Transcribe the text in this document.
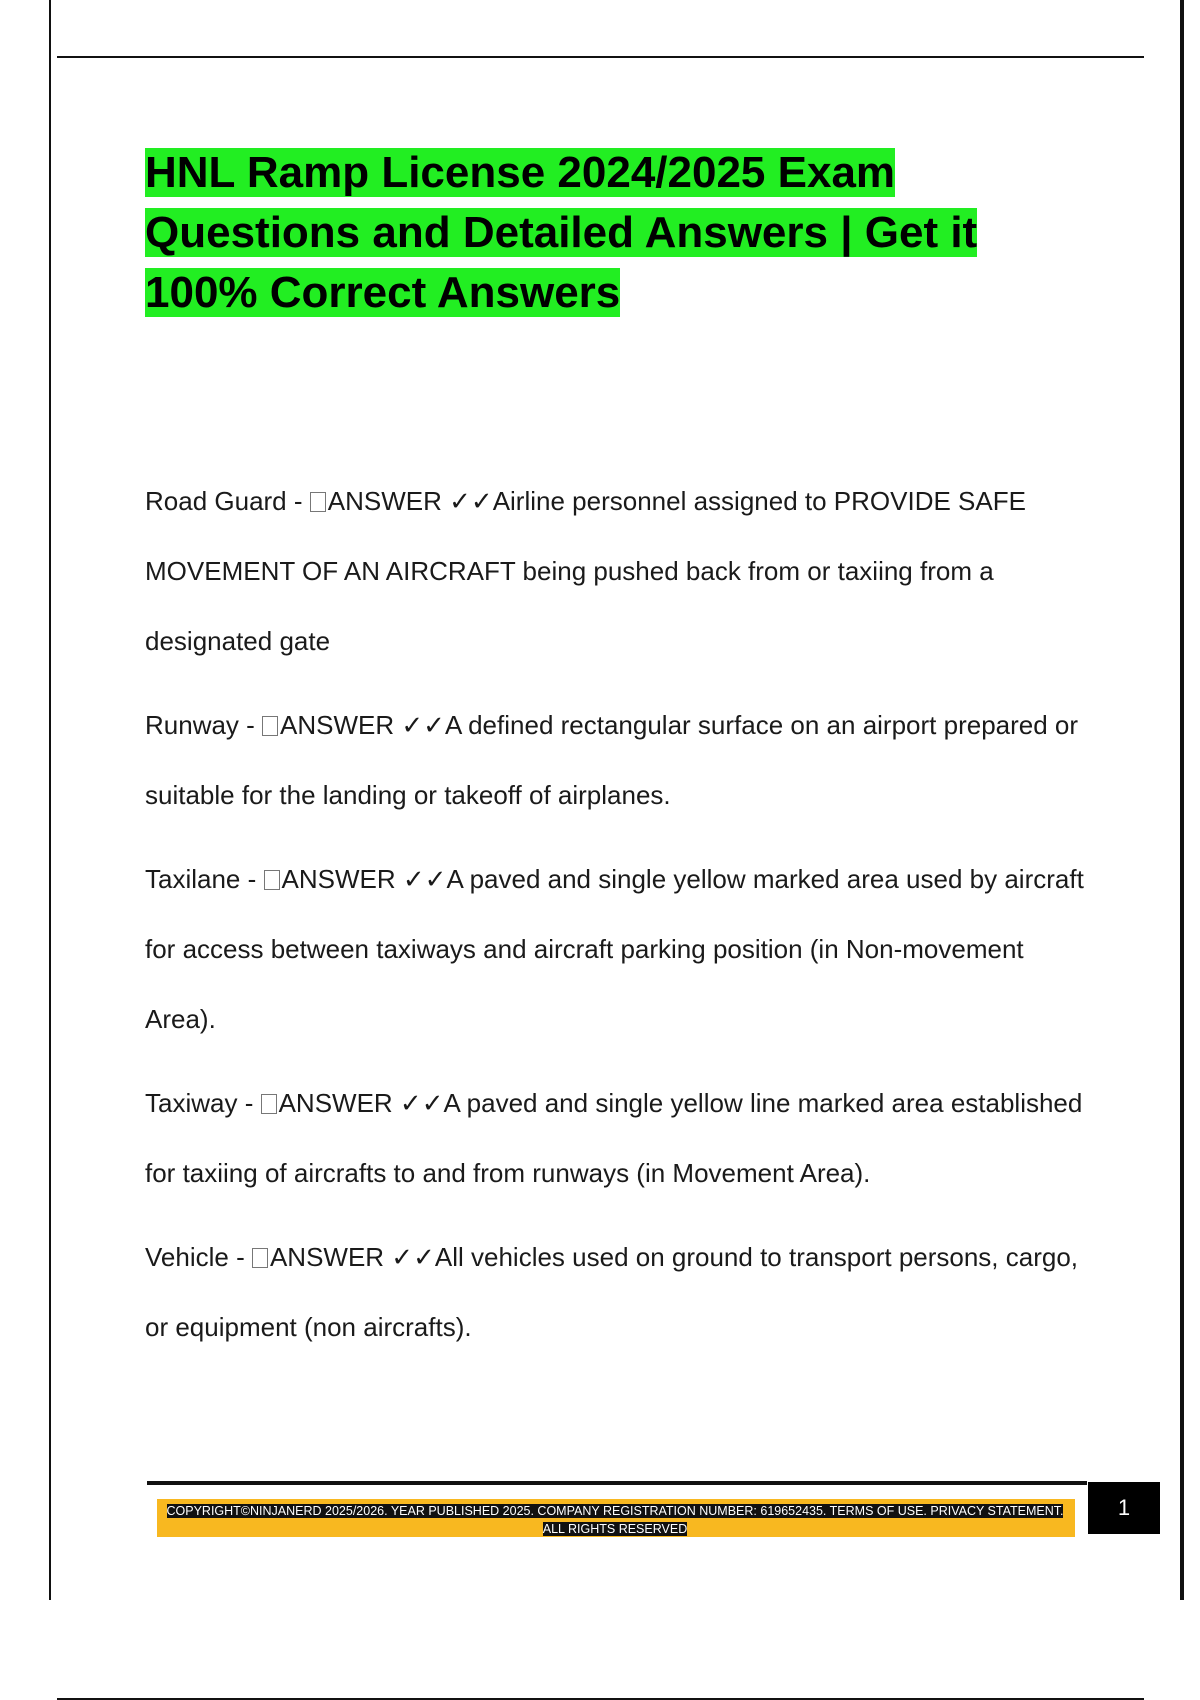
HNL Ramp License 2024/2025 Exam Questions and Detailed Answers | Get it 100% Correct Answers

Road Guard - ANSWER ✓✓Airline personnel assigned to PROVIDE SAFE MOVEMENT OF AN AIRCRAFT being pushed back from or taxiing from a designated gate

Runway - ANSWER ✓✓A defined rectangular surface on an airport prepared or suitable for the landing or takeoff of airplanes.

Taxilane - ANSWER ✓✓A paved and single yellow marked area used by aircraft for access between taxiways and aircraft parking position (in Non-movement Area).

Taxiway - ANSWER ✓✓A paved and single yellow line marked area established for taxiing of aircrafts to and from runways (in Movement Area).

Vehicle - ANSWER ✓✓All vehicles used on ground to transport persons, cargo, or equipment (non aircrafts).

COPYRIGHT©NINJANERD 2025/2026. YEAR PUBLISHED 2025. COMPANY REGISTRATION NUMBER: 619652435. TERMS OF USE. PRIVACY STATEMENT. ALL RIGHTS RESERVED
1
